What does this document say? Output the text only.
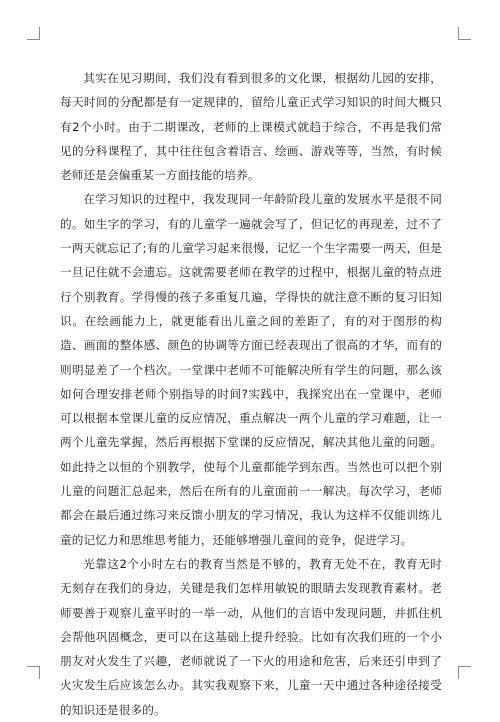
其实在见习期间，我们没有看到很多的文化课，根据幼儿园的安排，每天时间的分配都是有一定规律的，留给儿童正式学习知识的时间大概只有2个小时。由于二期课改，老师的上课模式就趋于综合，不再是我们常见的分科课程了，其中往往包含着语言、绘画、游戏等等，当然，有时候老师还是会偏重某一方面技能的培养。

在学习知识的过程中，我发现同一年龄阶段儿童的发展水平是很不同的。如生字的学习，有的儿童学一遍就会写了，但记忆的再现差，过不了一两天就忘记了;有的儿童学习起来很慢，记忆一个生字需要一两天，但是一旦记住就不会遗忘。这就需要老师在教学的过程中，根据儿童的特点进行个别教育。学得慢的孩子多重复几遍，学得快的就注意不断的复习旧知识。在绘画能力上，就更能看出儿童之间的差距了，有的对于图形的构造、画面的整体感、颜色的协调等方面已经表现出了很高的才华，而有的则明显差了一个档次。一堂课中老师不可能解决所有学生的问题，那么该如何合理安排老师个别指导的时间?实践中，我探究出在一堂课中，老师可以根据本堂课儿童的反应情况，重点解决一两个儿童的学习难题，让一两个儿童先掌握，然后再根据下堂课的反应情况，解决其他儿童的问题。如此持之以恒的个别教学，使每个儿童都能学到东西。当然也可以把个别儿童的问题汇总起来，然后在所有的儿童面前一一解决。每次学习，老师都会在最后通过练习来反馈小朋友的学习情况，我认为这样不仅能训练儿童的记忆力和思维思考能力，还能够增强儿童间的竞争，促进学习。

光靠这2个小时左右的教育当然是不够的，教育无处不在，教育无时无刻存在我们的身边，关键是我们怎样用敏锐的眼睛去发现教育素材。老师要善于观察儿童平时的一举一动，从他们的言语中发现问题，并抓住机会帮他巩固概念，更可以在这基础上提升经验。比如有次我们班的一个小朋友对火发生了兴趣，老师就说了一下火的用途和危害，后来还引申到了火灾发生后应该怎么办。其实我观察下来，儿童一天中通过各种途径接受的知识还是很多的。
